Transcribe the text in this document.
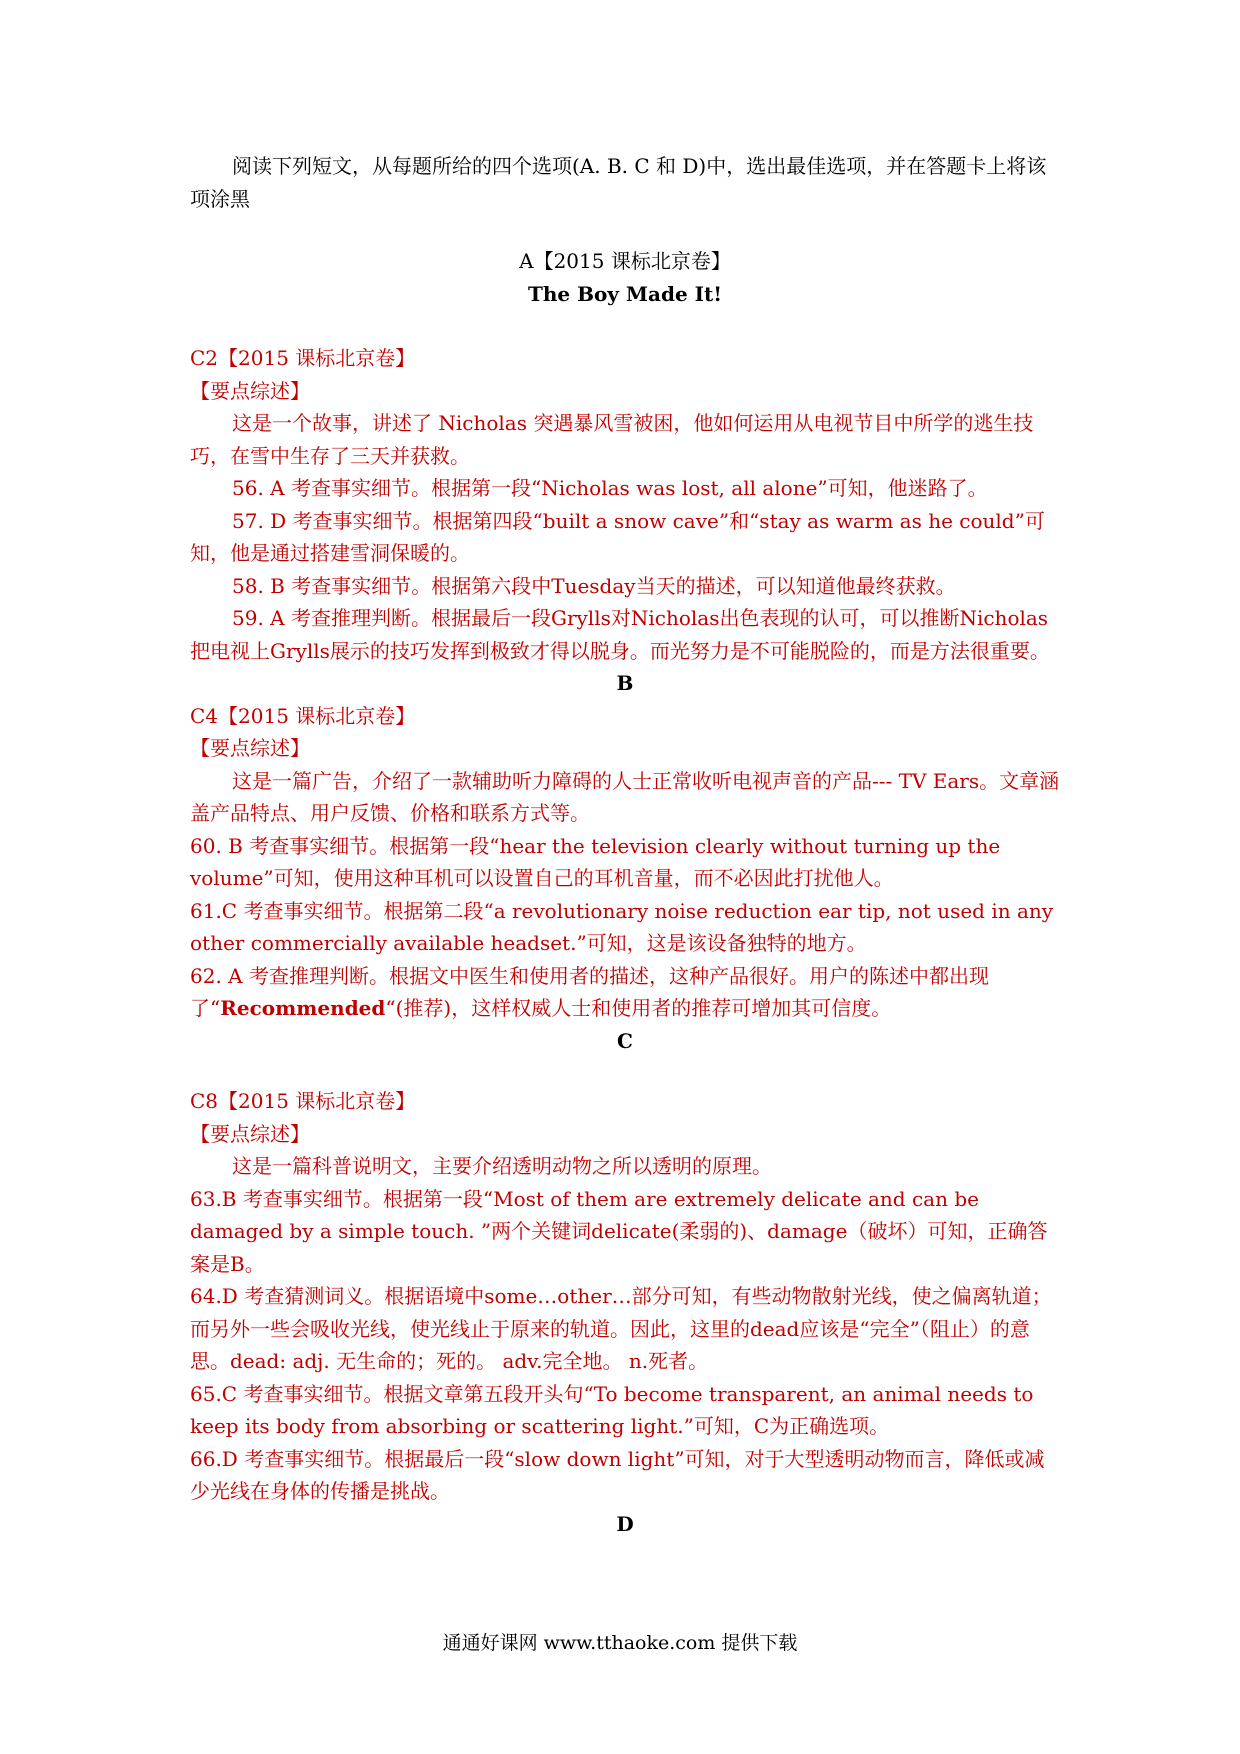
阅读下列短文，从每题所给的四个选项(A. B. C 和 D)中，选出最佳选项，并在答题卡上将该项涂黑

A【2015 课标北京卷】

The Boy Made It!

C2【2015 课标北京卷】

【要点综述】

这是一个故事，讲述了 Nicholas 突遇暴风雪被困，他如何运用从电视节目中所学的逃生技巧，在雪中生存了三天并获救。

56. A 考查事实细节。根据第一段“Nicholas was lost, all alone”可知，他迷路了。

57. D 考查事实细节。根据第四段“built a snow cave”和“stay as warm as he could”可知，他是通过搭建雪洞保暖的。

58. B 考查事实细节。根据第六段中Tuesday当天的描述，可以知道他最终获救。

59. A 考查推理判断。根据最后一段Grylls对Nicholas出色表现的认可，可以推断Nicholas把电视上Grylls展示的技巧发挥到极致才得以脱身。而光努力是不可能脱险的，而是方法很重要。

B

C4【2015 课标北京卷】

【要点综述】

这是一篇广告，介绍了一款辅助听力障碍的人士正常收听电视声音的产品--- TV Ears。文章涵盖产品特点、用户反馈、价格和联系方式等。

60. B 考查事实细节。根据第一段“hear the television clearly without turning up the volume”可知，使用这种耳机可以设置自己的耳机音量，而不必因此打扰他人。

61.C 考查事实细节。根据第二段“a revolutionary noise reduction ear tip, not used in any other commercially available headset.”可知，这是该设备独特的地方。

62. A 考查推理判断。根据文中医生和使用者的描述，这种产品很好。用户的陈述中都出现了“Recommended“(推荐)，这样权威人士和使用者的推荐可增加其可信度。

C

C8【2015 课标北京卷】

【要点综述】

这是一篇科普说明文，主要介绍透明动物之所以透明的原理。

63.B 考查事实细节。根据第一段“Most of them are extremely delicate and can be damaged by a simple touch. ”两个关键词delicate(柔弱的)、damage（破坏）可知，正确答案是B。

64.D 考查猜测词义。根据语境中some…other…部分可知，有些动物散射光线，使之偏离轨道；而另外一些会吸收光线，使光线止于原来的轨道。因此，这里的dead应该是“完全”（阻止）的意思。dead: adj. 无生命的；死的。 adv.完全地。 n.死者。

65.C 考查事实细节。根据文章第五段开头句“To become transparent, an animal needs to keep its body from absorbing or scattering light.”可知，C为正确选项。

66.D 考查事实细节。根据最后一段“slow down light”可知，对于大型透明动物而言，降低或减少光线在身体的传播是挑战。

D

通通好课网 www.tthaoke.com 提供下载
